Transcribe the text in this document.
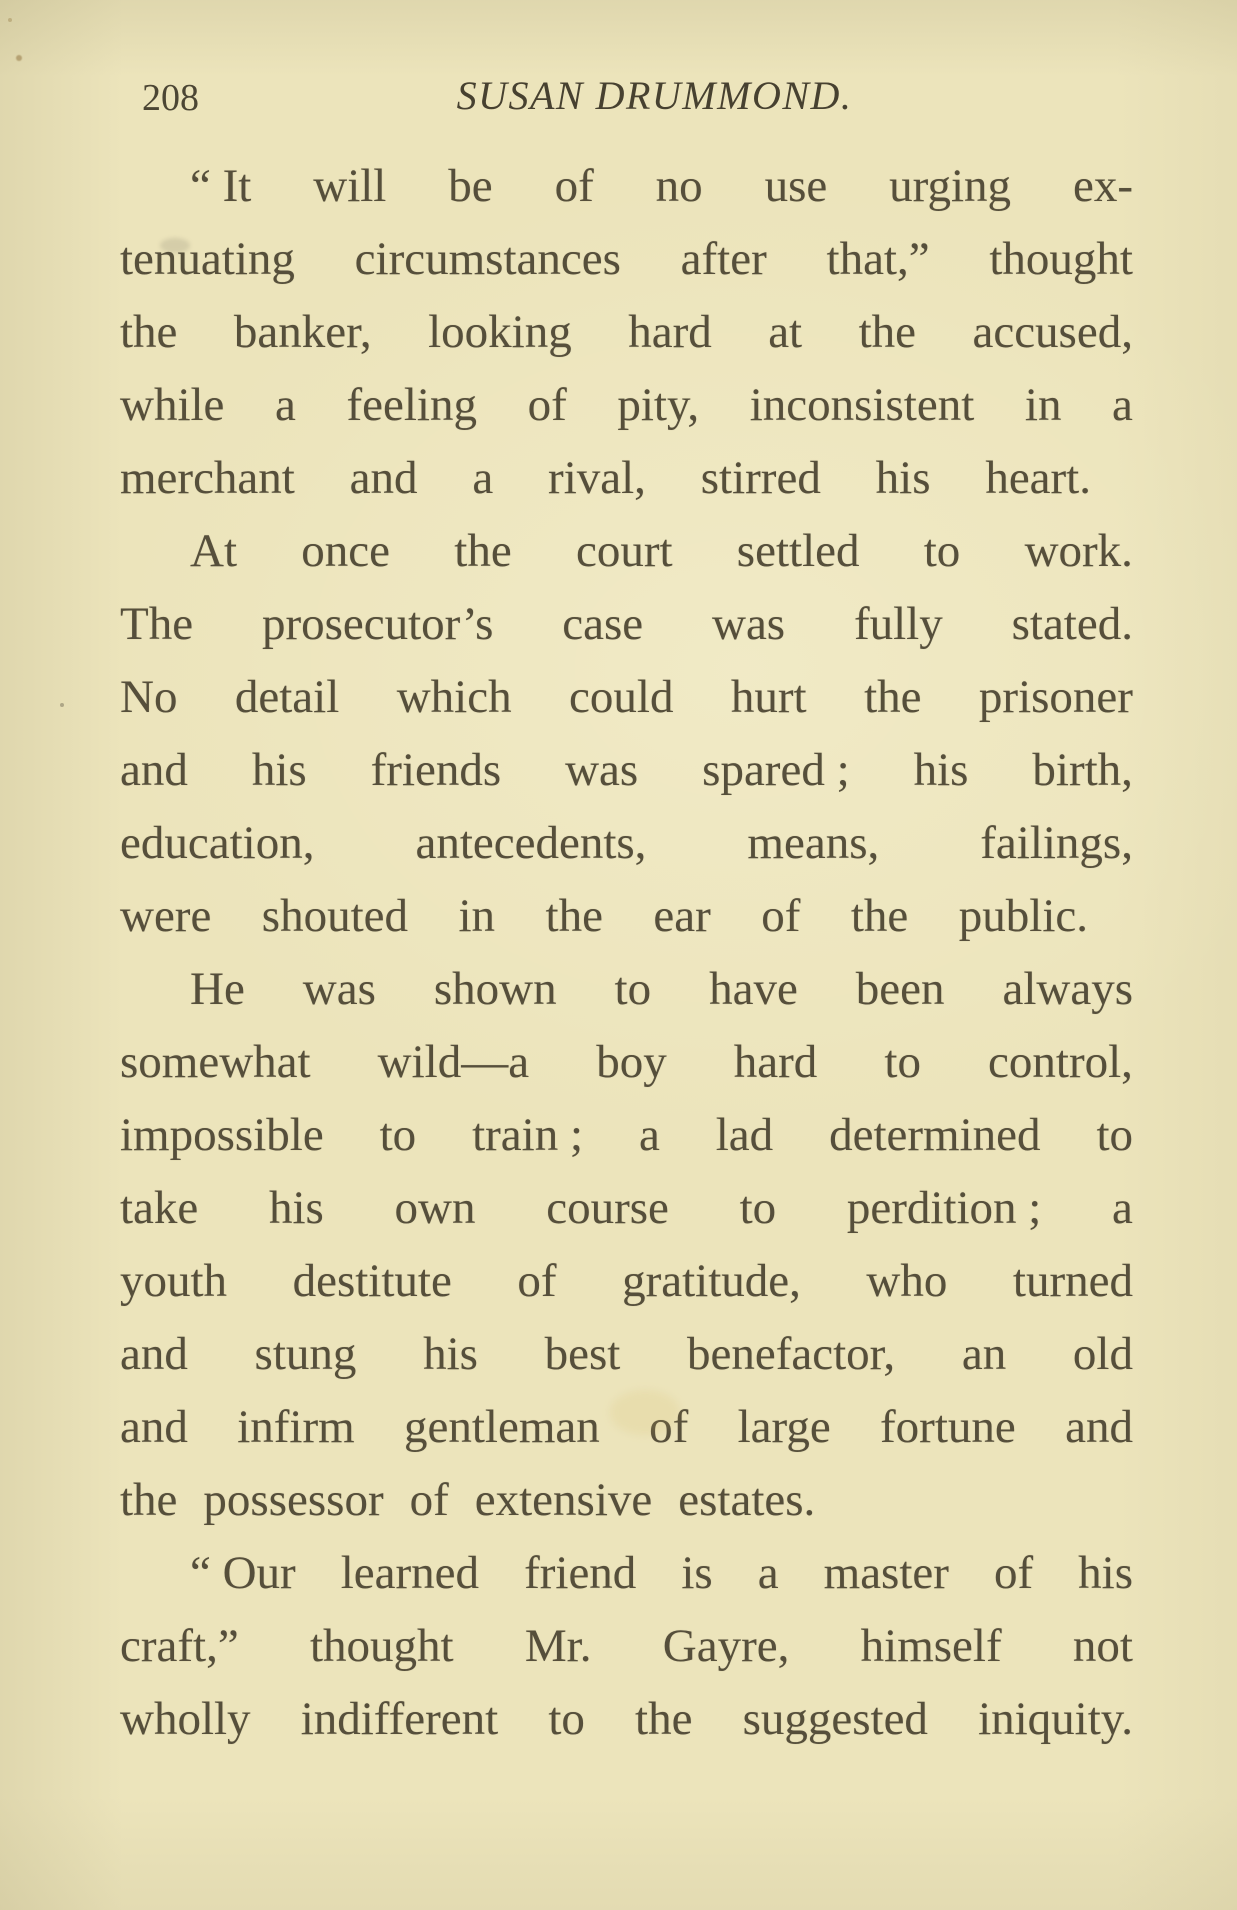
208	SUSAN DRUMMOND.
“ It will be of no use urging ex-
tenuating circumstances after that,” thought
the banker, looking hard at the accused,
while a feeling of pity, inconsistent in a
merchant and a rival, stirred his heart.
At once the court settled to work.
The prosecutor’s case was fully stated.
No detail which could hurt the prisoner
and his friends was spared ; his birth,
education, antecedents, means, failings,
were shouted in the ear of the public.
He was shown to have been always
somewhat wild—a boy hard to control,
impossible to train ; a lad determined to
take his own course to perdition ; a
youth destitute of gratitude, who turned
and stung his best benefactor, an old
and infirm gentleman of large fortune and
the possessor of extensive estates.
“ Our learned friend is a master of his
craft,” thought Mr. Gayre, himself not
wholly indifferent to the suggested iniquity.
